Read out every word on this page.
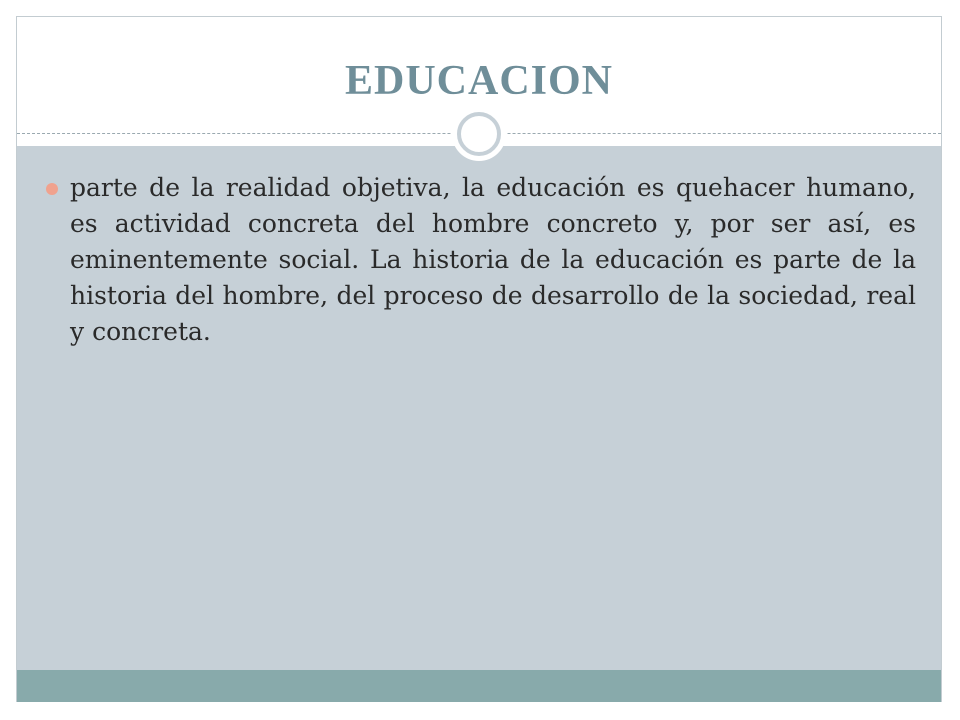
EDUCACION

parte de la realidad objetiva, la educación es quehacer humano, es actividad concreta del hombre concreto y, por ser así, es eminentemente social. La historia de la educación es parte de la historia del hombre, del proceso de desarrollo de la sociedad, real y concreta.
